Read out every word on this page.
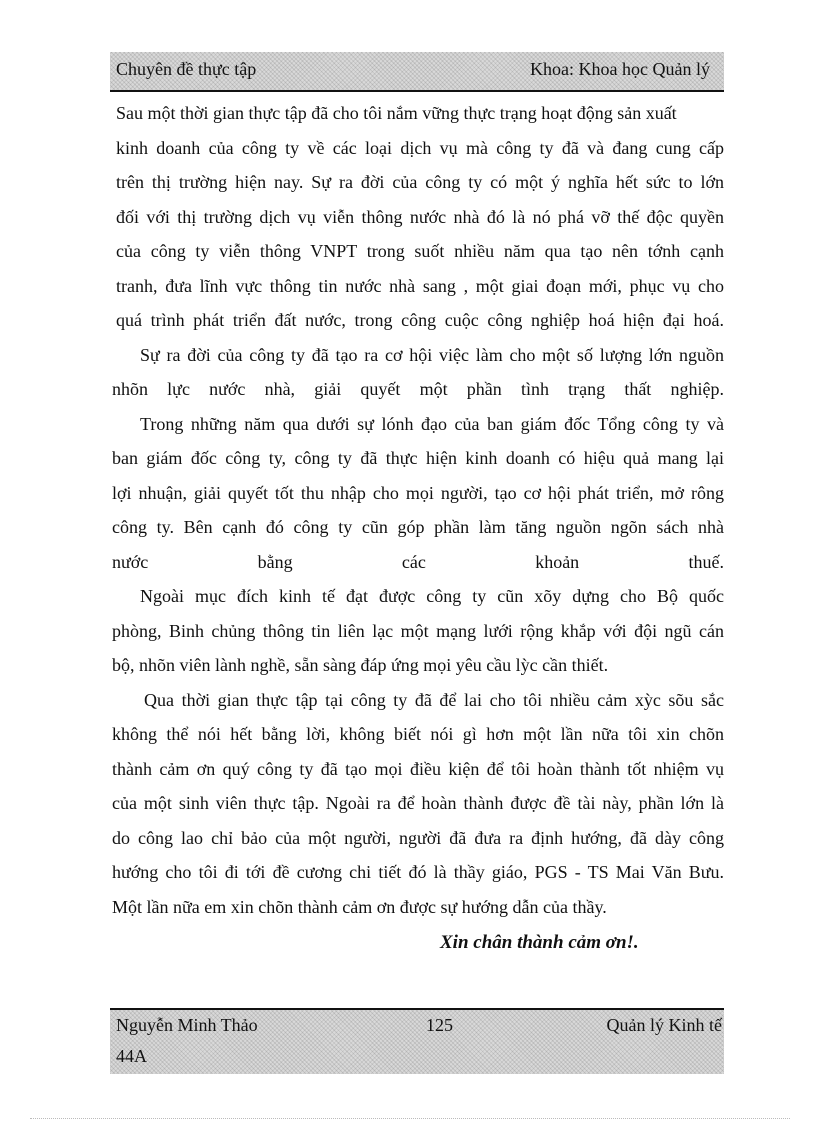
Chuyên đề thực tập	Khoa: Khoa học Quản lý

Sau một thời gian thực tập đã cho tôi nắm vững thực trạng hoạt động sản xuất
kinh doanh của công ty về các loại dịch vụ mà công ty đã và đang cung cấp
trên thị trường hiện nay. Sự ra đời của công ty có một ý nghĩa hết sức to lớn
đối với thị trường dịch vụ viễn thông nước nhà đó là nó phá vỡ thế độc quyền
của công ty viễn thông VNPT trong suốt nhiều năm qua tạo nên tớnh cạnh
tranh, đưa lĩnh vực thông tin nước nhà sang , một giai đoạn mới, phục vụ cho
quá trình phát triển đất nước, trong công cuộc công nghiệp hoá hiện đại hoá.

Sự ra đời của công ty đã tạo ra cơ hội việc làm cho một số lượng lớn nguồn
nhõn lực nước nhà, giải quyết một phần tình trạng thất nghiệp.

Trong những năm qua dưới sự lónh đạo của ban giám đốc Tổng công ty và
ban giám đốc công ty, công ty đã thực hiện kinh doanh có hiệu quả mang lại
lợi nhuận, giải quyết tốt thu nhập cho mọi người, tạo cơ hội phát triển, mở rông
công ty. Bên cạnh đó công ty cũn góp phần làm tăng nguồn ngõn sách nhà
nước bằng các khoản thuế.

Ngoài mục đích kinh tế đạt được công ty cũn xõy dựng cho Bộ quốc
phòng, Binh chủng thông tin liên lạc một mạng lưới rộng khắp với đội ngũ cán
bộ, nhõn viên lành nghề, sẵn sàng đáp ứng mọi yêu cầu lỳc cần thiết.

Qua thời gian thực tập tại công ty đã để lai cho tôi nhiều cảm xỳc sõu sắc
không thể nói hết bằng lời, không biết nói gì hơn một lần nữa tôi xin chõn
thành cảm ơn quý công ty đã tạo mọi điều kiện để tôi hoàn thành tốt nhiệm vụ
của một sinh viên thực tập. Ngoài ra để hoàn thành được đề tài này, phần lớn là
do công lao chỉ bảo của một người, người đã đưa ra định hướng, đã dày công
hướng cho tôi đi tới đề cương chi tiết đó là thầy giáo, PGS - TS Mai Văn Bưu.
Một lần nữa em xin chõn thành cảm ơn được sự hướng dẫn của thầy.

Xin chân thành cảm ơn!.
Nguyễn Minh Thảo	125	Quản lý Kinh tế
44A
